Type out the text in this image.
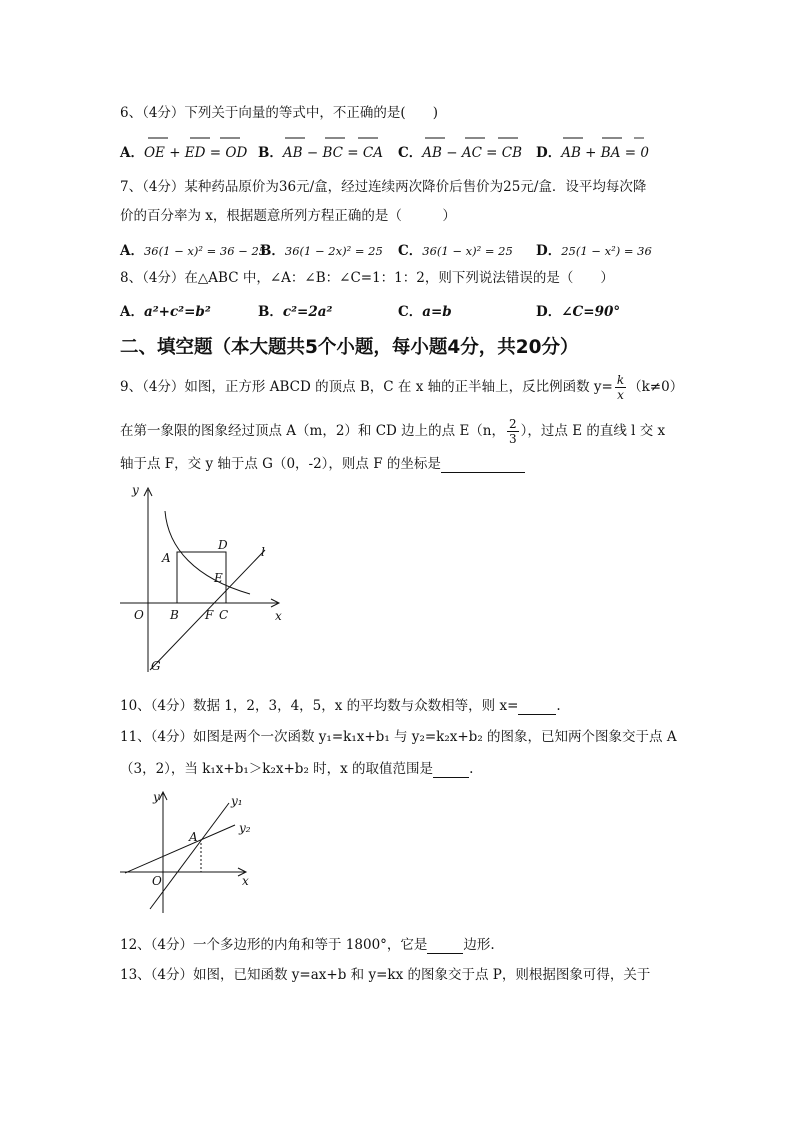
6、（4分）下列关于向量的等式中，不正确的是(　　)
A．OE + ED = OD B．AB − BC = CA C．AB − AC = CB D．AB + BA = 0
7、（4分）某种药品原价为36元/盒，经过连续两次降价后售价为25元/盒．设平均每次降
价的百分率为 x，根据题意所列方程正确的是（　　　）
A．36(1 − x)² = 36 − 25
B．36(1 − 2x)² = 25 C．36(1 − x)² = 25 D．25(1 − x²) = 36
8、（4分）在△ABC 中，∠A：∠B：∠C=1：1：2，则下列说法错误的是（　　）
A．a²+c²=b²	B．c²=2a²	C．a=b	D．∠C=90°
二、填空题（本大题共5个小题，每小题4分，共20分）
9、（4分）如图，正方形 ABCD 的顶点 B，C 在 x 轴的正半轴上，反比例函数 $y= \frac{k}{x} (k\ne 0)$
在第一象限的图象经过顶点 A（m，2）和 CD 边上的点 E（n， $\frac{2}{3}$ ），过点 E 的直线 l 交 x
轴于点 F，交 y 轴于点 G（0，-2），则点 F 的坐标是
y
x
O
A
B F C
D
E
G
l
10、（4分）数据 1，2，3，4，5，x 的平均数与众数相等，则 x=	.
11、（4分）如图是两个一次函数 y₁=k₁x+b₁ 与 y₂=k₂x+b₂ 的图象，已知两个图象交于点 A
（3，2），当 k₁x+b₁＞k₂x+b₂ 时，x 的取值范围是	.
y
x
O
A
y₁
y₂
12、（4分）一个多边形的内角和等于 1800°，它是	边形.
13、（4分）如图，已知函数 y=ax+b 和 y=kx 的图象交于点 P，则根据图象可得，关于
